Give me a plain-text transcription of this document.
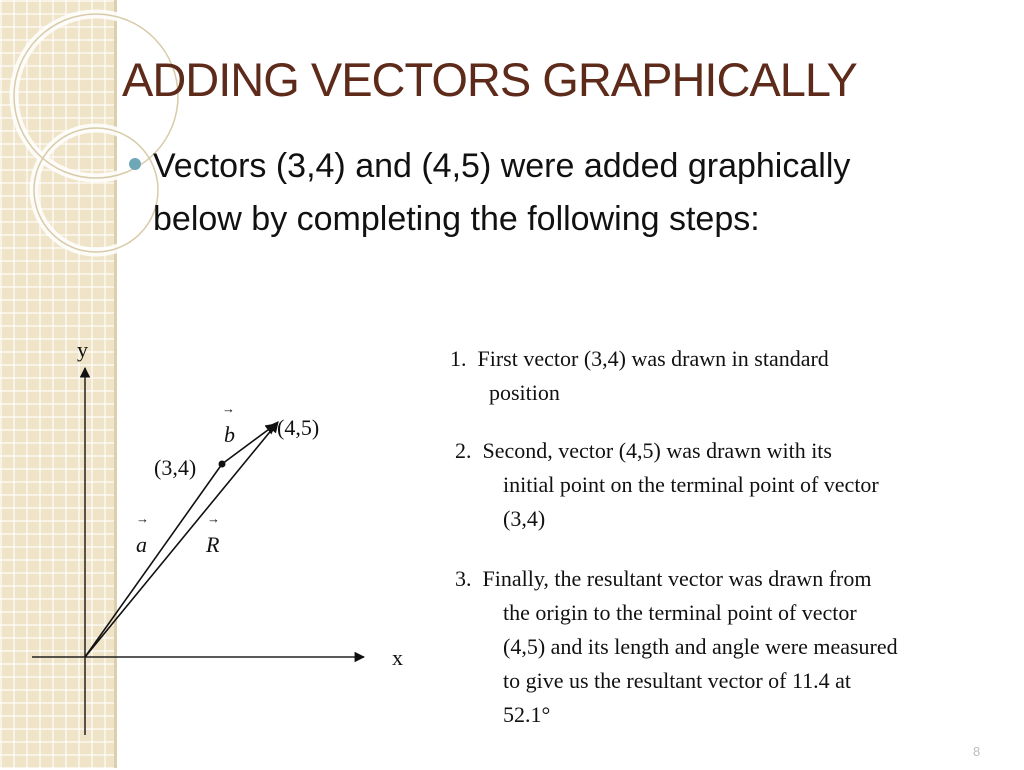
ADDING VECTORS GRAPHICALLY

Vectors (3,4) and (4,5) were added graphically below by completing the following steps:

y
x
(3,4)
(4,5)
→
b
→
a
→
R

1. First vector (3,4) was drawn in standard
position

2. Second, vector (4,5) was drawn with its
initial point on the terminal point of vector
(3,4)

3. Finally, the resultant vector was drawn from
the origin to the terminal point of vector
(4,5) and its length and angle were measured
to give us the resultant vector of 11.4 at
52.1°

8
